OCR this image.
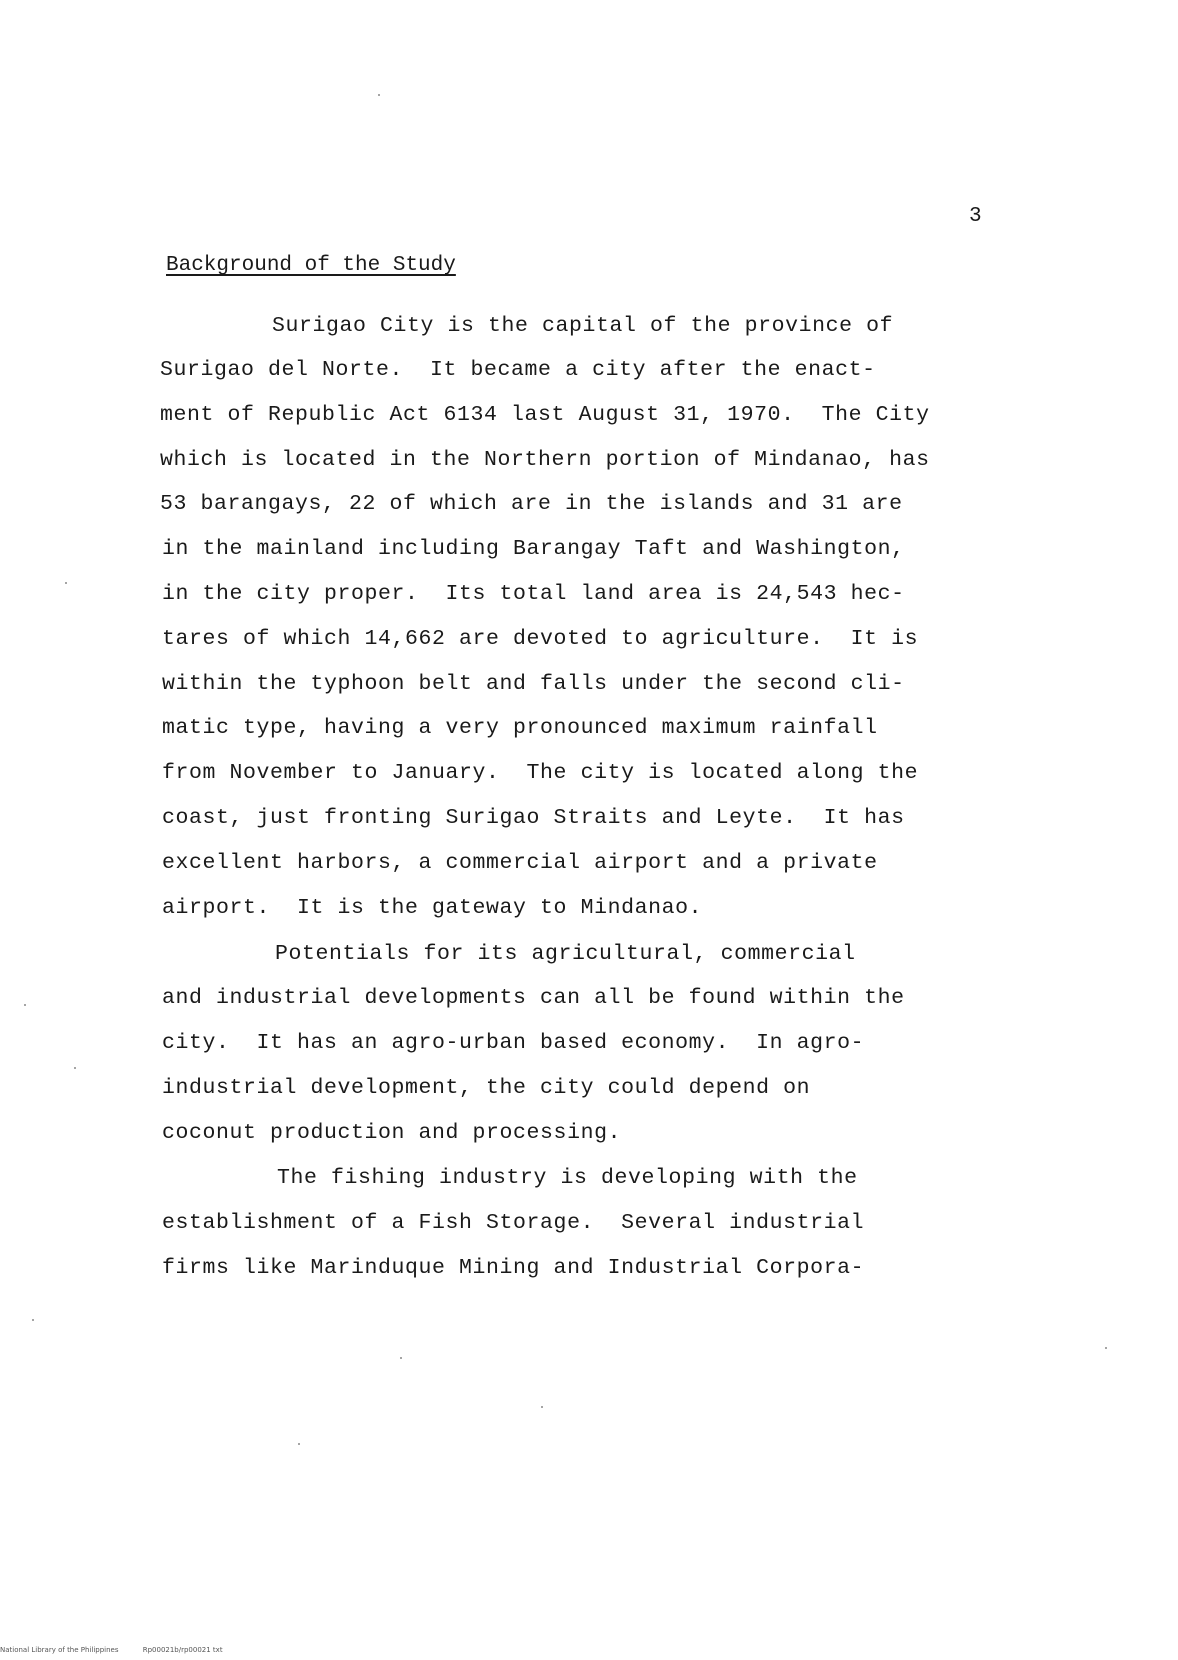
3
Background of the Study
Surigao City is the capital of the province of
Surigao del Norte.  It became a city after the enact-
ment of Republic Act 6134 last August 31, 1970.  The City
which is located in the Northern portion of Mindanao, has
53 barangays, 22 of which are in the islands and 31 are
in the mainland including Barangay Taft and Washington,
in the city proper.  Its total land area is 24,543 hec-
tares of which 14,662 are devoted to agriculture.  It is
within the typhoon belt and falls under the second cli-
matic type, having a very pronounced maximum rainfall
from November to January.  The city is located along the
coast, just fronting Surigao Straits and Leyte.  It has
excellent harbors, a commercial airport and a private
airport.  It is the gateway to Mindanao.
Potentials for its agricultural, commercial
and industrial developments can all be found within the
city.  It has an agro-urban based economy.  In agro-
industrial development, the city could depend on
coconut production and processing.
The fishing industry is developing with the
establishment of a Fish Storage.  Several industrial
firms like Marinduque Mining and Industrial Corpora-
National Library of the Philippines	Rp00021b/rp00021 txt
